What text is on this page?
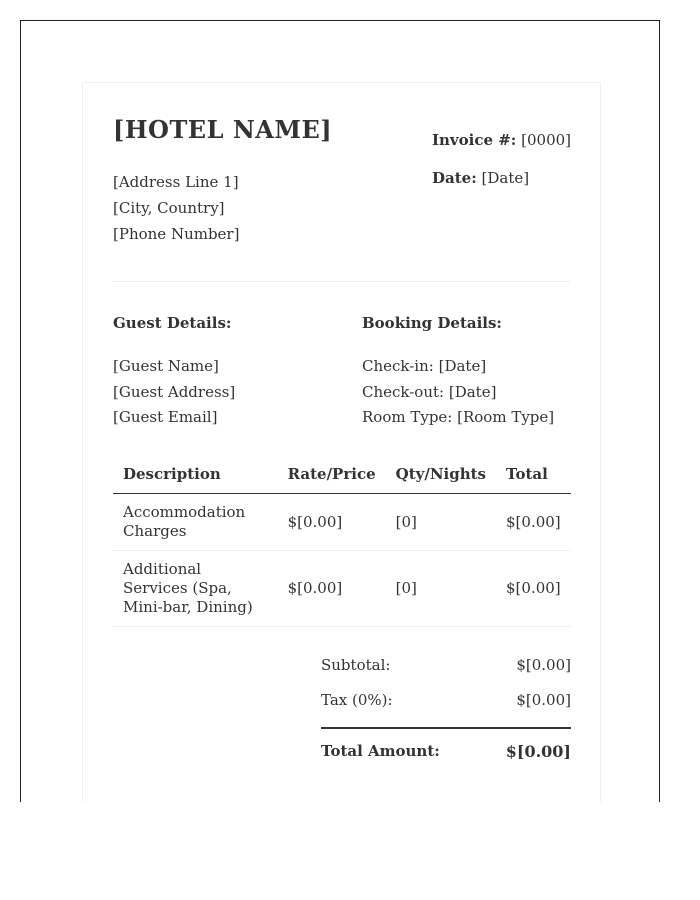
[HOTEL NAME]
[Address Line 1]
[City, Country]
[Phone Number]
Invoice #: [0000]
Date: [Date]
Guest Details:
[Guest Name]
[Guest Address]
[Guest Email]
Booking Details:
Check-in: [Date]
Check-out: [Date]
Room Type: [Room Type]
Description	Rate/Price	Qty/Nights	Total
Accommodation Charges	$[0.00]	[0]	$[0.00]
Additional Services (Spa, Mini-bar, Dining)	$[0.00]	[0]	$[0.00]
Subtotal:	$[0.00]
Tax (0%):	$[0.00]
Total Amount:	$[0.00]
